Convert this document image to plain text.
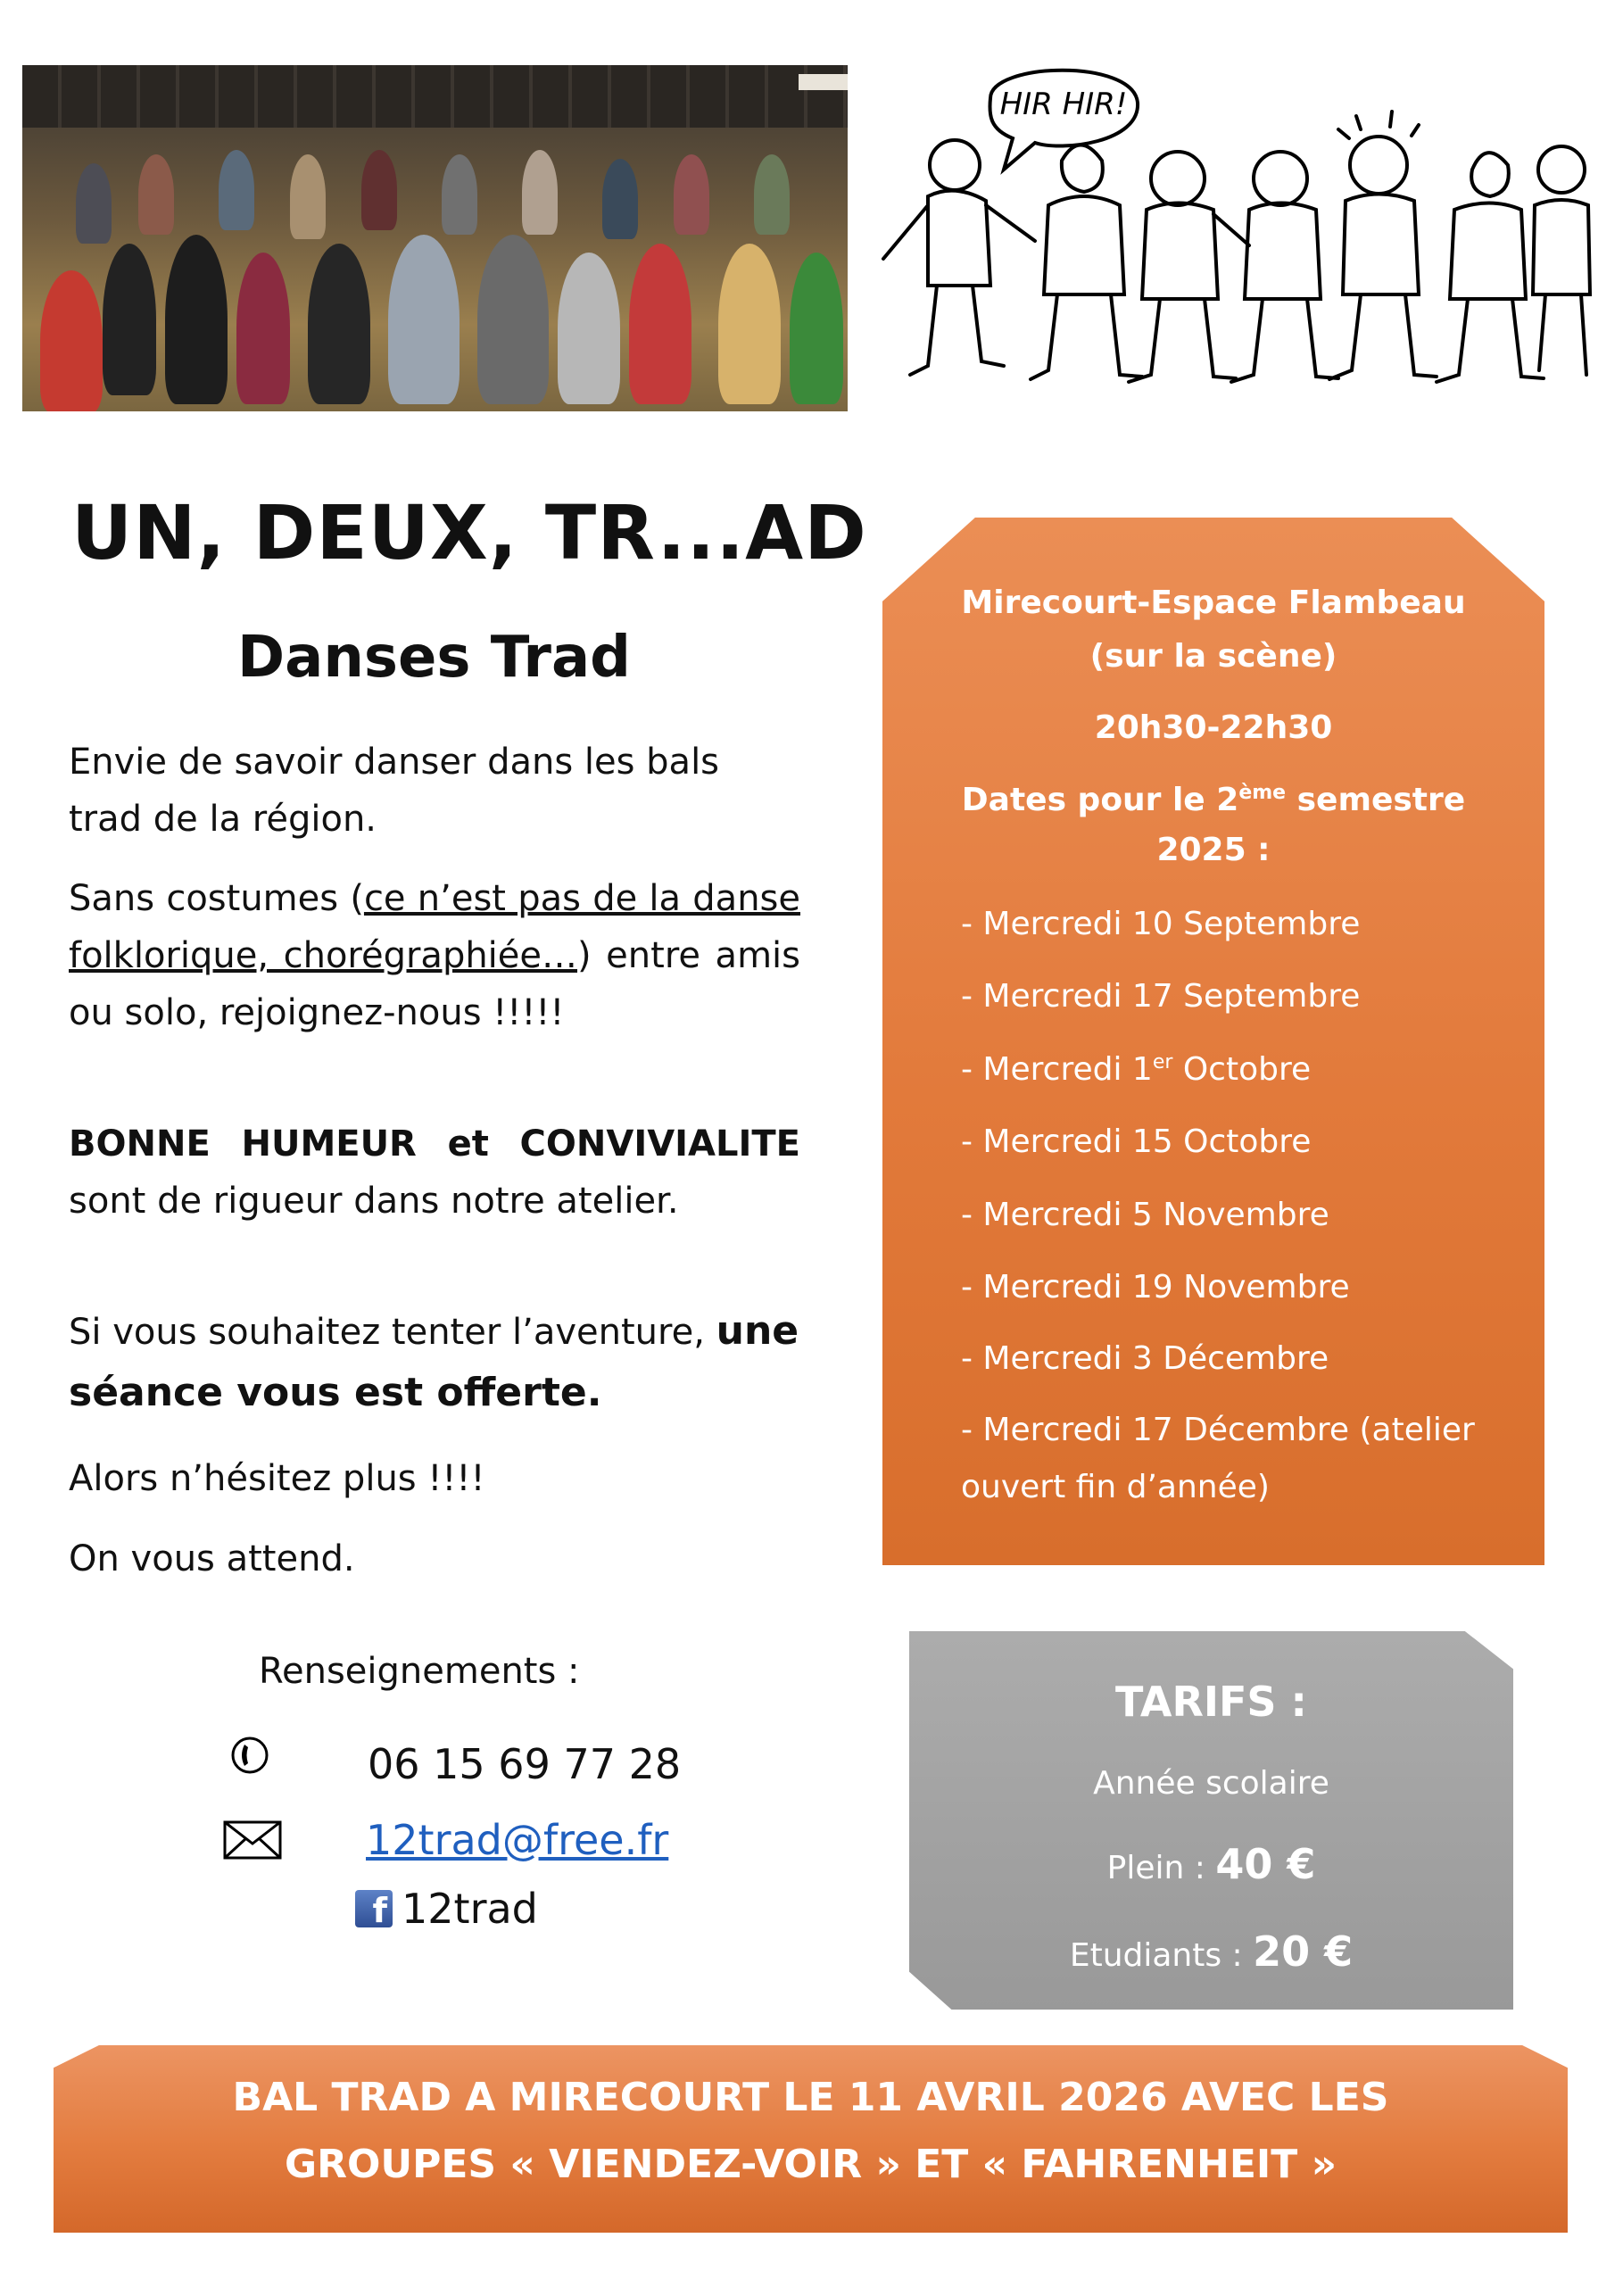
HIR HIR!
UN, DEUX, TR...AD
Danses Trad
Envie de savoir danser dans les bals trad de la région.
Sans costumes (ce n’est pas de la danse folklorique, chorégraphiée…) entre amis ou solo, rejoignez-nous !!!!!
BONNE HUMEUR et CONVIVIALITE sont de rigueur dans notre atelier.
Si vous souhaitez tenter l’aventure, une
séance vous est offerte.
Alors n’hésitez plus !!!!
On vous attend.
Renseignements :
06 15 69 77 28
12trad@free.fr
f 12trad
Mirecourt-Espace Flambeau
(sur la scène)
20h30-22h30
Dates pour le 2ème semestre
2025 :
- Mercredi 10 Septembre
- Mercredi 17 Septembre
- Mercredi 1er Octobre
- Mercredi 15 Octobre
- Mercredi 5 Novembre
- Mercredi 19 Novembre
- Mercredi 3 Décembre
- Mercredi 17 Décembre (atelier
ouvert fin d’année)
TARIFS :
Année scolaire
Plein : 40 €
Etudiants : 20 €
BAL TRAD A MIRECOURT LE 11 AVRIL 2026 AVEC LES
GROUPES « VIENDEZ-VOIR » ET « FAHRENHEIT »
